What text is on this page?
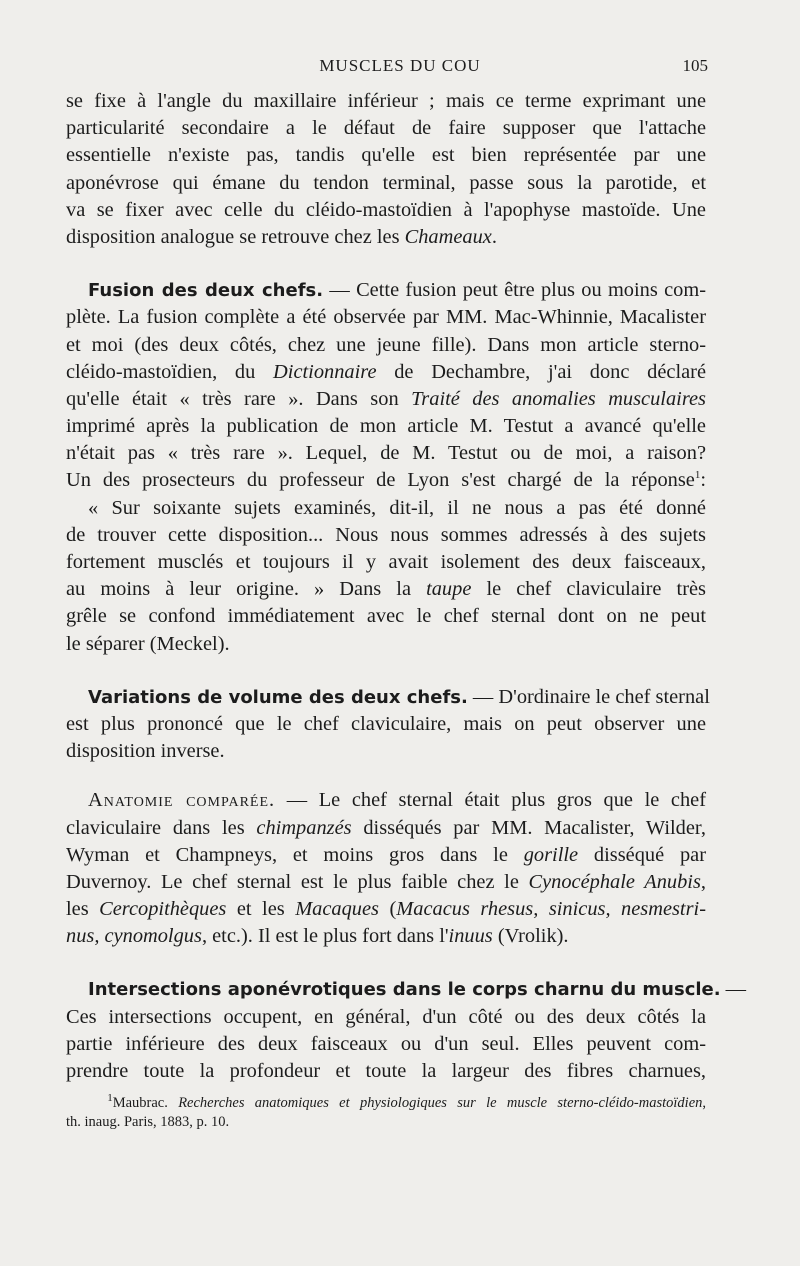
MUSCLES DU COU	105
se fixe à l'angle du maxillaire inférieur ; mais ce terme exprimant une
particularité secondaire a le défaut de faire supposer que l'attache
essentielle n'existe pas, tandis qu'elle est bien représentée par une
aponévrose qui émane du tendon terminal, passe sous la parotide, et
va se fixer avec celle du cléido-mastoïdien à l'apophyse mastoïde. Une
disposition analogue se retrouve chez les Chameaux.
Fusion des deux chefs. — Cette fusion peut être plus ou moins com-
plète. La fusion complète a été observée par MM. Mac-Whinnie, Macalister
et moi (des deux côtés, chez une jeune fille). Dans mon article sterno-
cléido-mastoïdien, du Dictionnaire de Dechambre, j'ai donc déclaré
qu'elle était « très rare ». Dans son Traité des anomalies musculaires
imprimé après la publication de mon article M. Testut a avancé qu'elle
n'était pas « très rare ». Lequel, de M. Testut ou de moi, a raison?
Un des prosecteurs du professeur de Lyon s'est chargé de la réponse$^1$:
« Sur soixante sujets examinés, dit-il, il ne nous a pas été donné
de trouver cette disposition... Nous nous sommes adressés à des sujets
fortement musclés et toujours il y avait isolement des deux faisceaux,
au moins à leur origine. » Dans la taupe le chef claviculaire très
grêle se confond immédiatement avec le chef sternal dont on ne peut
le séparer (Meckel).
Variations de volume des deux chefs. — D'ordinaire le chef sternal
est plus prononcé que le chef claviculaire, mais on peut observer une
disposition inverse.
Anatomie comparée. — Le chef sternal était plus gros que le chef
claviculaire dans les chimpanzés disséqués par MM. Macalister, Wilder,
Wyman et Champneys, et moins gros dans le gorille disséqué par
Duvernoy. Le chef sternal est le plus faible chez le Cynocéphale Anubis,
les Cercopithèques et les Macaques (Macacus rhesus, sinicus, nesmestri-
nus, cynomolgus, etc.). Il est le plus fort dans l'inuus (Vrolik).
Intersections aponévrotiques dans le corps charnu du muscle. —
Ces intersections occupent, en général, d'un côté ou des deux côtés la
partie inférieure des deux faisceaux ou d'un seul. Elles peuvent com-
prendre toute la profondeur et toute la largeur des fibres charnues,
$^1$Maubrac. Recherches anatomiques et physiologiques sur le muscle sterno-cléido-mastoïdien,
th. inaug. Paris, 1883, p. 10.
